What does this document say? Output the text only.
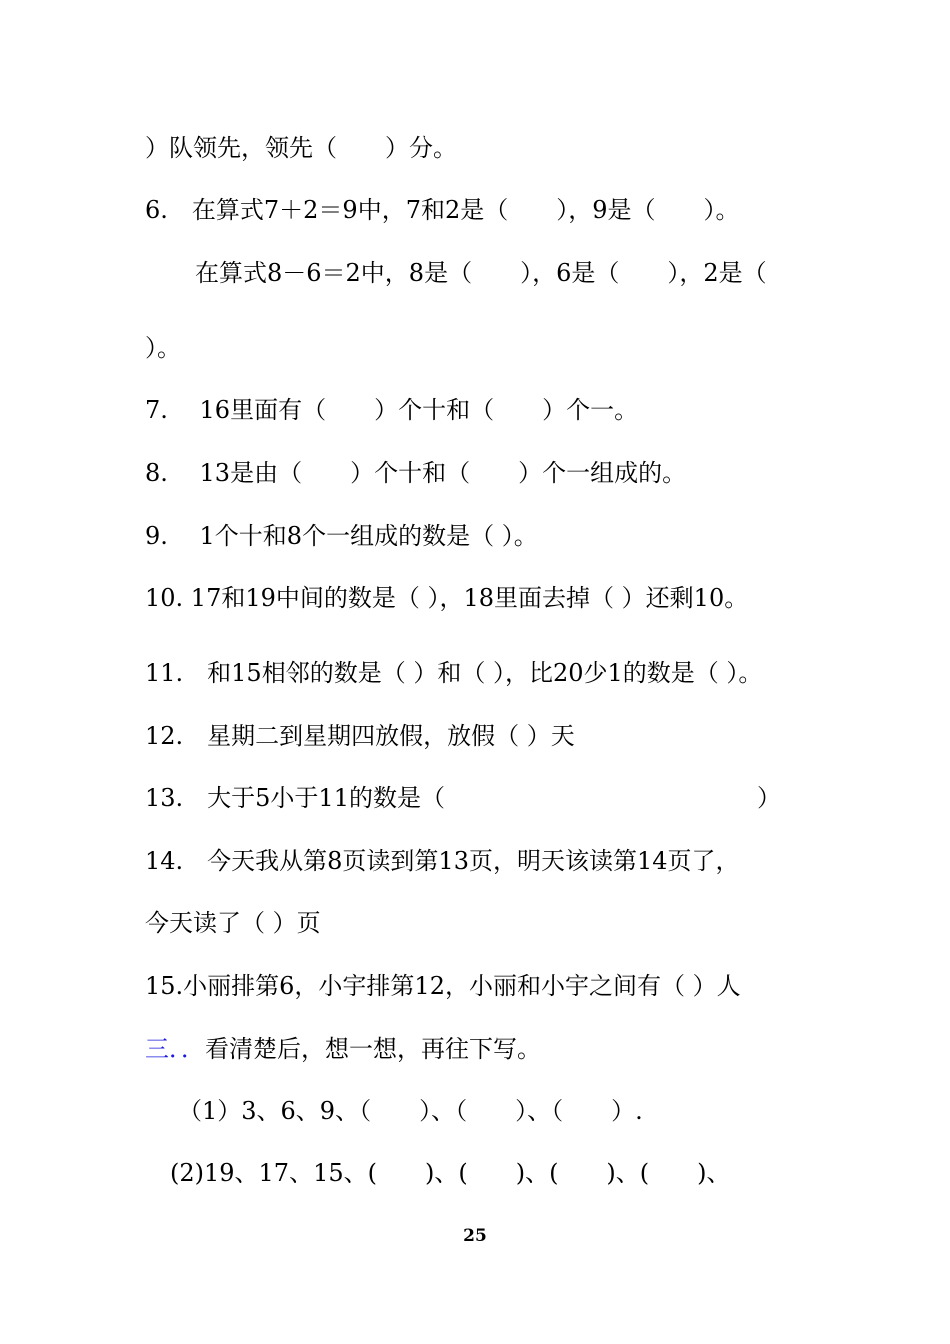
）队领先，领先（　　）分。
6.　在算式7＋2＝9中，7和2是（　　），9是（　　）。
在算式8－6＝2中，8是（　　），6是（　　），2是（
）。
7.　 16里面有（　　）个十和（　　）个一。
8.　 13是由（　　）个十和（　　）个一组成的。
9.　 1个十和8个一组成的数是（ ）。
10. 17和19中间的数是（ ），18里面去掉（ ）还剩10。
11.　和15相邻的数是（ ）和（ ），比20少1的数是（ ）。
12.　星期二到星期四放假，放假（ ）天
13.　大于5小于11的数是（　　　　　　　　　　　　　）
14.　今天我从第8页读到第13页，明天该读第14页了，
今天读了（ ）页
15.小丽排第6，小宇排第12，小丽和小宇之间有（ ）人
三．．看清楚后，想一想，再往下写。
（1）3、6、9、（　　）、（　　）、（　　）.
(2)19、17、15、(　　)、(　　)、(　　)、(　　)、
25
